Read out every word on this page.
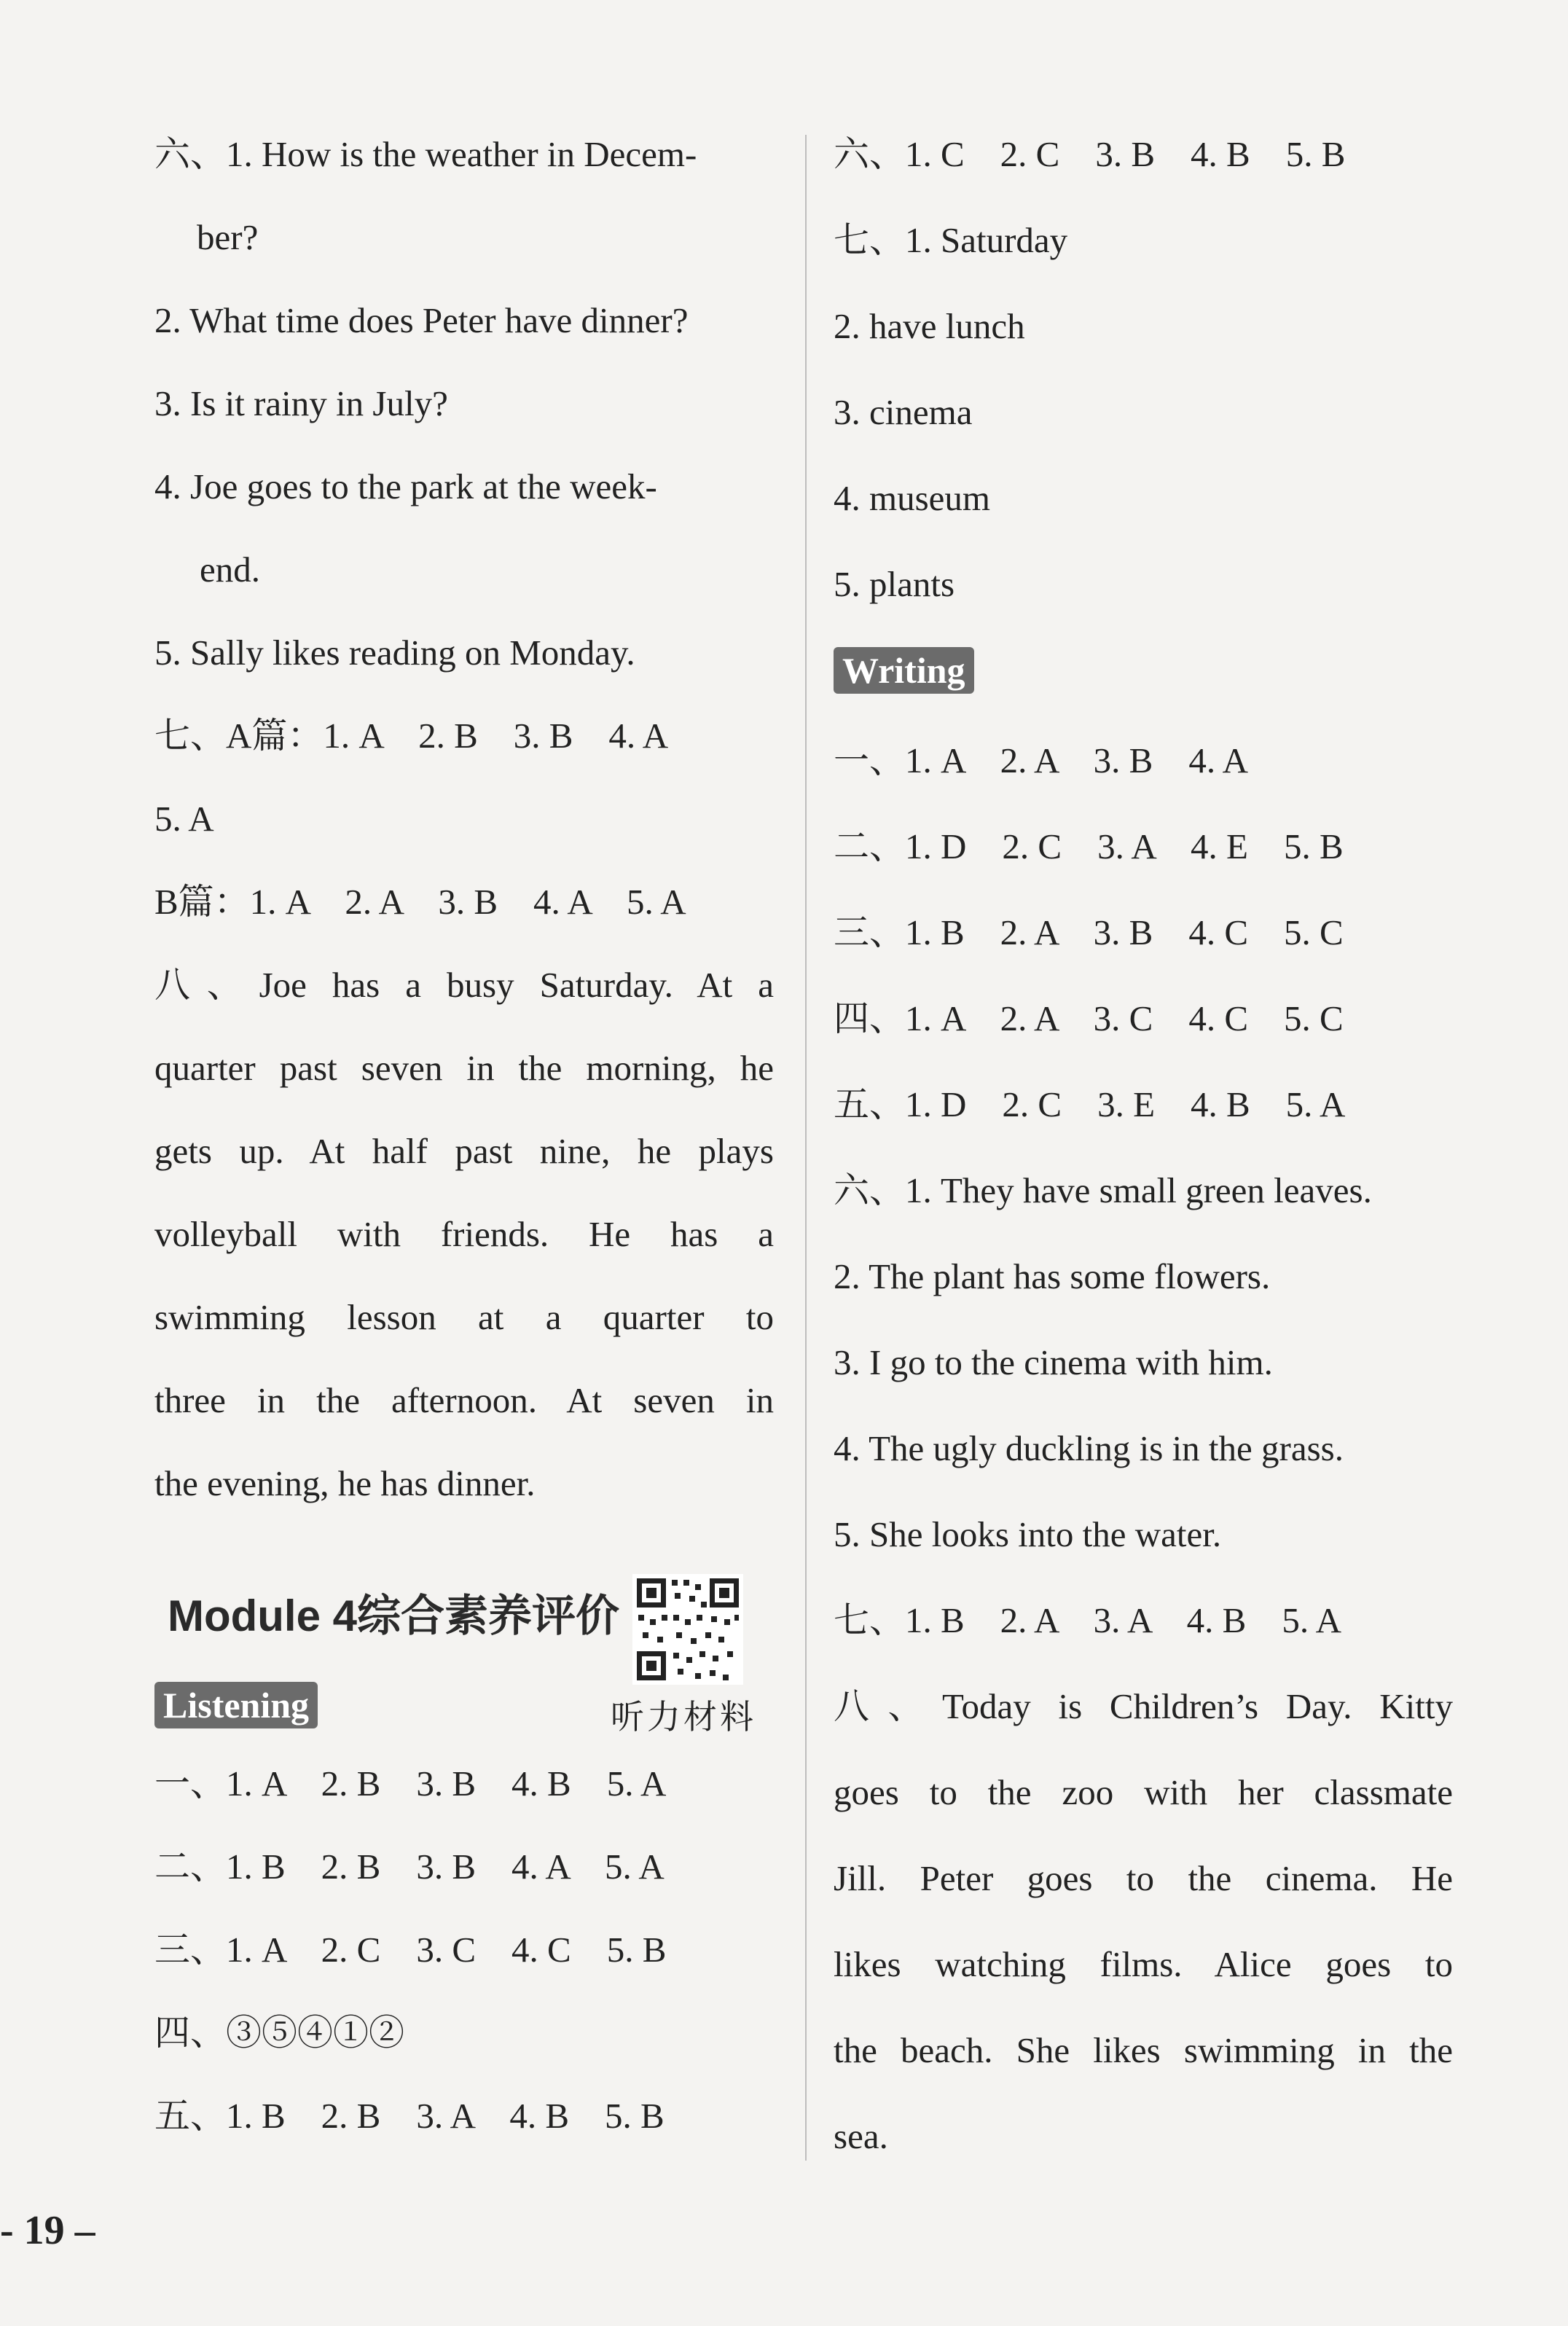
六、1. How is the weather in Decem-

ber?

2. What time does Peter have dinner?

3. Is it rainy in July?

4. Joe goes to the park at the week-

end.

5. Sally likes reading on Monday.

七、A篇：1. A    2. B    3. B    4. A

5. A

B篇：1. A    2. A    3. B    4. A    5. A

八、Joe has a busy Saturday. At a

quarter past seven in the morning, he

gets up. At half past nine, he plays

volleyball with friends. He has a

swimming lesson at a quarter to

three in the afternoon. At seven in

the evening, he has dinner.

一、1. A    2. B    3. B    4. B    5. A

二、1. B    2. B    3. B    4. A    5. A

三、1. A    2. C    3. C    4. C    5. B

四、③⑤④①②

五、1. B    2. B    3. A    4. B    5. B

Module 4综合素养评价
听力材料
Listening

六、1. C    2. C    3. B    4. B    5. B

七、1. Saturday

2. have lunch

3. cinema

4. museum

5. plants

Writing

一、1. A    2. A    3. B    4. A

二、1. D    2. C    3. A    4. E    5. B

三、1. B    2. A    3. B    4. C    5. C

四、1. A    2. A    3. C    4. C    5. C

五、1. D    2. C    3. E    4. B    5. A

六、1. They have small green leaves.

2. The plant has some flowers.

3. I go to the cinema with him.

4. The ugly duckling is in the grass.

5. She looks into the water.

七、1. B    2. A    3. A    4. B    5. A

八、Today is Children’s Day. Kitty

goes to the zoo with her classmate

Jill. Peter goes to the cinema. He

likes watching films. Alice goes to

the beach. She likes swimming in the

sea.

- 19 –
